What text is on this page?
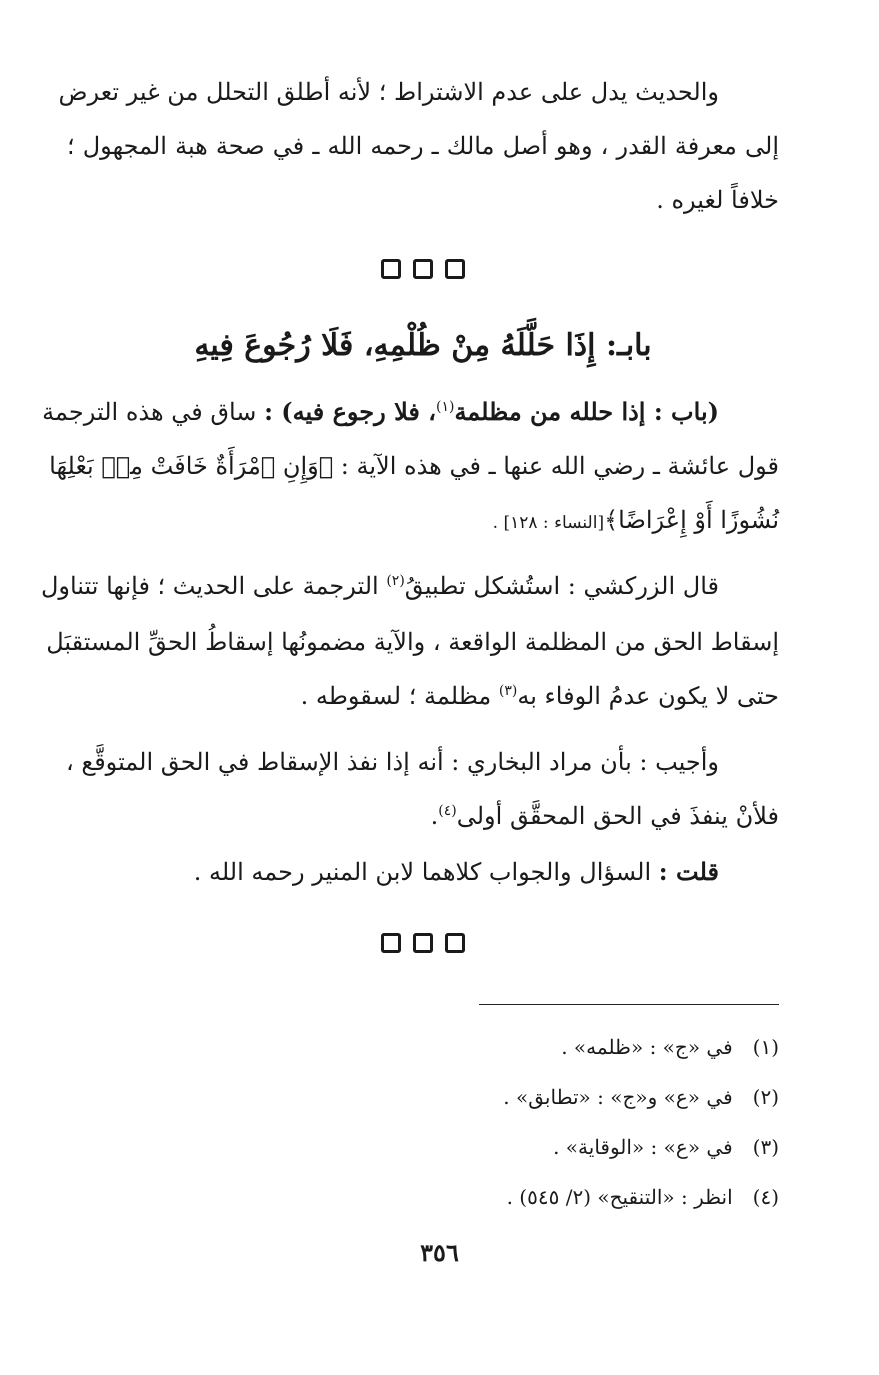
والحديث يدل على عدم الاشتراط ؛ لأنه أطلق التحلل من غير تعرض
إلى معرفة القدر ، وهو أصل مالك ـ رحمه الله ـ في صحة هبة المجهول ؛
خلافاً لغيره .
بابـ: إِذَا حَلَّلَهُ مِنْ ظُلْمِهِ، فَلَا رُجُوعَ فِيهِ
(باب : إذا حلله من مظلمة$^{(١)}$، فلا رجوع فيه) : ساق في هذه الترجمة
قول عائشة ـ رضي الله عنها ـ في هذه الآية : ﴿وَإِنِ ٱمْرَأَةٌ خَافَتْ مِنۢ بَعْلِهَا
نُشُوزًا أَوْ إِعْرَاضًا﴾[النساء : ١٢٨] .
قال الزركشي : استُشكل تطبيقُ$^{(٢)}$ الترجمة على الحديث ؛ فإنها تتناول
إسقاط الحق من المظلمة الواقعة ، والآية مضمونُها إسقاطُ الحقِّ المستقبَل
حتى لا يكون عدمُ الوفاء به$^{(٣)}$ مظلمة ؛ لسقوطه .
وأجيب : بأن مراد البخاري : أنه إذا نفذ الإسقاط في الحق المتوقَّع ،
فلأنْ ينفذَ في الحق المحقَّق أولى$^{(٤)}$.
قلت : السؤال والجواب كلاهما لابن المنير رحمه الله .
(١) في «ج» : «ظلمه» .
(٢) في «ع» و«ج» : «تطابق» .
(٣) في «ع» : «الوقاية» .
(٤) انظر : «التنقيح» (٢/ ٥٤٥) .
٣٥٦
